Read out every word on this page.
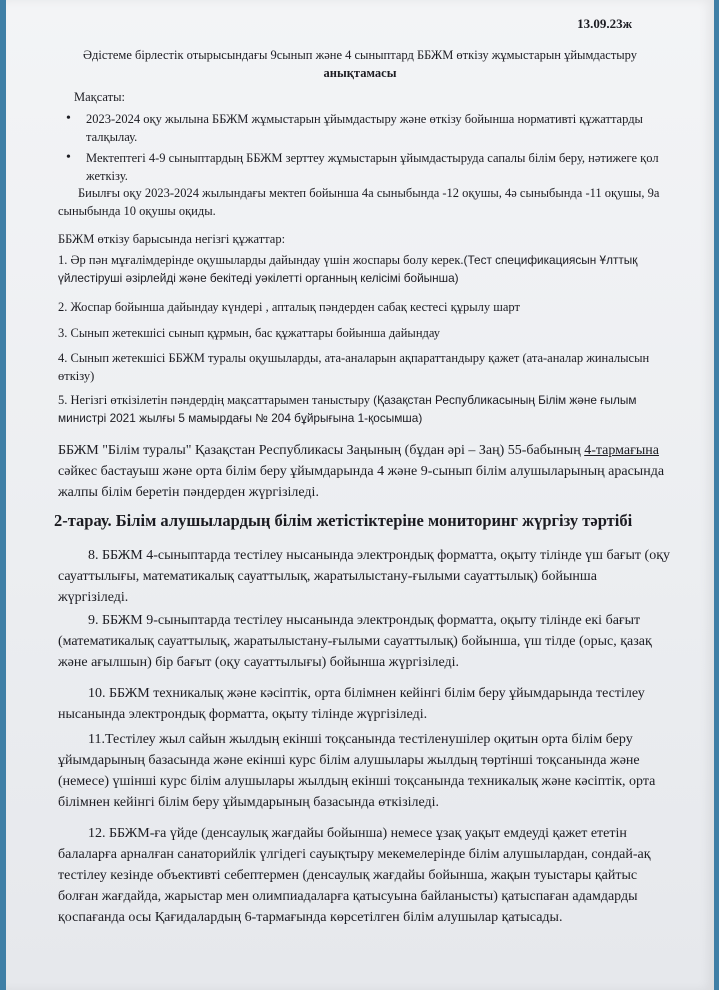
13.09.23ж

Әдістеме бірлестік отырысындағы 9сынып және 4 сыныптард ББЖМ өткізу жұмыстарын ұйымдастыру
анықтамасы

Мақсаты:

• 2023-2024 оқу жылына ББЖМ жұмыстарын ұйымдастыру және өткізу бойынша нормативті құжаттарды талқылау.
• Мектептегі 4-9 сыныптардың ББЖМ зерттеу жұмыстарын ұйымдастыруда сапалы білім беру, нәтижеге қол жеткізу.

Биылғы оқу 2023-2024 жылындағы мектеп бойынша 4а сыныбында -12 оқушы, 4ә сыныбында -11 оқушы, 9а сыныбында 10 оқушы оқиды.

ББЖМ өткізу барысында негізгі құжаттар:

1. Әр пән мұғалімдерінде оқушыларды дайындау үшін жоспары болу керек.(Тест спецификациясын Ұлттық үйлестіруші әзірлейді және бекітеді уәкілетті органның келісімі бойынша)

2. Жоспар бойынша дайындау күндері , апталық пәндерден сабақ кестесі құрылу шарт

3. Сынып жетекшісі сынып құрмын, бас құжаттары бойынша дайындау

4. Сынып жетекшісі ББЖМ туралы оқушыларды, ата-аналарын ақпараттандыру қажет (ата-аналар жиналысын өткізу)

5. Негізгі өткізілетін пәндердің мақсаттарымен таныстыру (Қазақстан Республикасының Білім және ғылым министрі 2021 жылғы 5 мамырдағы № 204 бұйрығына 1-қосымша)

ББЖМ "Білім туралы" Қазақстан Республикасы Заңының (бұдан әрі – Заң) 55-бабының 4-тармағына сәйкес бастауыш және орта білім беру ұйымдарында 4 және 9-сынып білім алушыларының арасында жалпы білім беретін пәндерден жүргізіледі.

2-тарау. Білім алушылардың білім жетістіктеріне мониторинг жүргізу тәртібі

8. ББЖМ 4-сыныптарда тестілеу нысанында электрондық форматта, оқыту тілінде үш бағыт (оқу сауаттылығы, математикалық сауаттылық, жаратылыстану-ғылыми сауаттылық) бойынша жүргізіледі.

9. ББЖМ 9-сыныптарда тестілеу нысанында электрондық форматта, оқыту тілінде екі бағыт (математикалық сауаттылық, жаратылыстану-ғылыми сауаттылық) бойынша, үш тілде (орыс, қазақ және ағылшын) бір бағыт (оқу сауаттылығы) бойынша жүргізіледі.

10. ББЖМ техникалық және кәсіптік, орта білімнен кейінгі білім беру ұйымдарында тестілеу нысанында электрондық форматта, оқыту тілінде жүргізіледі.

11.Тестілеу жыл сайын жылдың екінші тоқсанында тестіленушілер оқитын орта білім беру ұйымдарының базасында және екінші курс білім алушылары жылдың төртінші тоқсанында және (немесе) үшінші курс білім алушылары жылдың екінші тоқсанында техникалық және кәсіптік, орта білімнен кейінгі білім беру ұйымдарының базасында өткізіледі.

12. ББЖМ-ға үйде (денсаулық жағдайы бойынша) немесе ұзақ уақыт емдеуді қажет ететін балаларға арналған санаторийлік үлгідегі сауықтыру мекемелерінде білім алушылардан, сондай-ақ тестілеу кезінде объективті себептермен (денсаулық жағдайы бойынша, жақын туыстары қайтыс болған жағдайда, жарыстар мен олимпиадаларға қатысуына байланысты) қатыспаған адамдарды қоспағанда осы Қағидалардың 6-тармағында көрсетілген білім алушылар қатысады.
